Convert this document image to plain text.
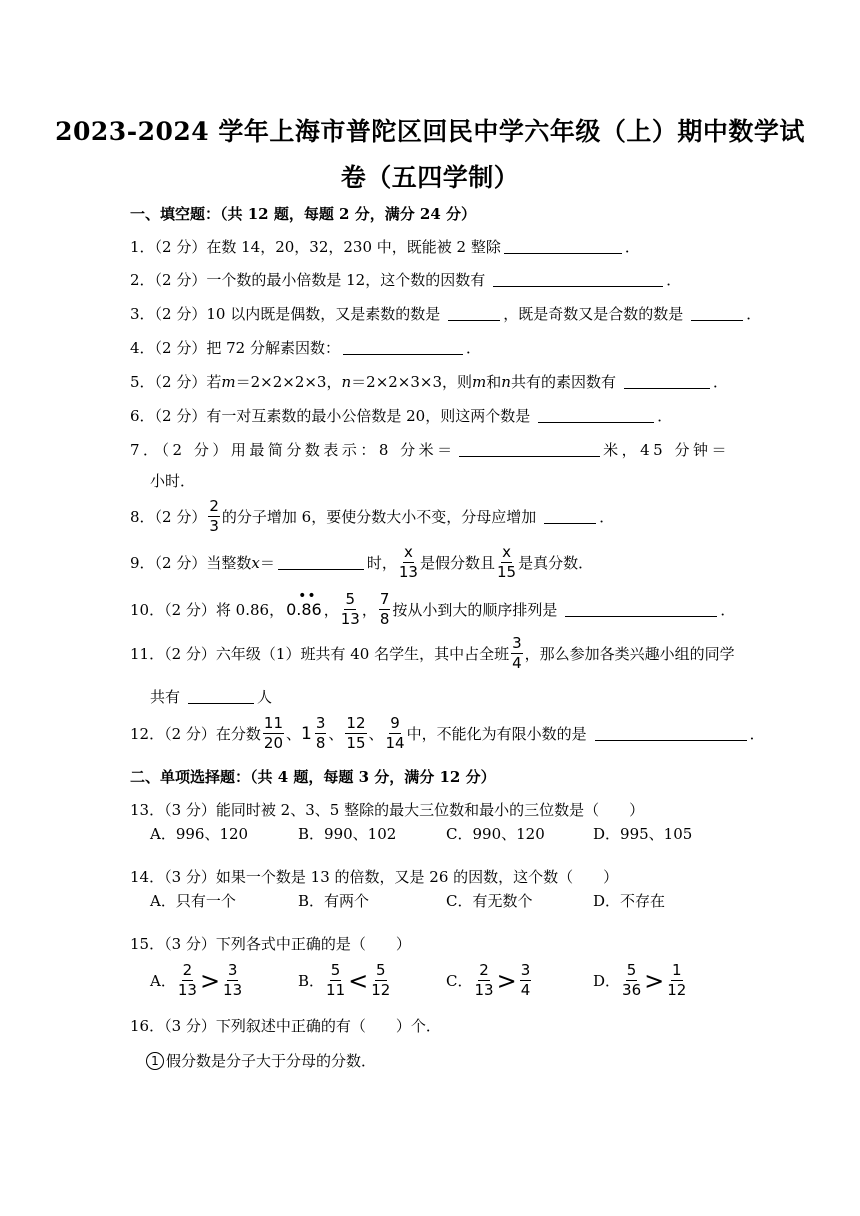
2023-2024 学年上海市普陀区回民中学六年级（上）期中数学试
卷（五四学制）
一、填空题：（共 12 题，每题 2 分，满分 24 分）
1．（2 分）在数 14，20，32，230 中，既能被 2 整除	．
2．（2 分）一个数的最小倍数是 12，这个数的因数有	．
3．（2 分）10 以内既是偶数，又是素数的数是	，既是奇数又是合数的数是	．
4．（2 分）把 72 分解素因数：	．
5．（2 分）若 m ＝2×2×2×3， n ＝2×2×3×3，则 m 和 n 共有的素因数有	．
6．（2 分）有一对互素数的最小公倍数是 20，则这两个数是	．
7．（2 分）用最简分数表示：8 分米＝	米，45 分钟＝
小时．
8．（2 分） $\frac{2}{3}$ 的分子增加 6，要使分数大小不变，分母应增加	．
9．（2 分）当整数 x ＝	时， $\frac{x}{13}$ 是假分数且 $\frac{x}{15}$ 是真分数．
10．（2 分）将 0.86，
••
0.86 ， $\frac{5}{13}$ ， $\frac{7}{8}$ 按从小到大的顺序排列是	．
11．（2 分）六年级（1）班共有 40 名学生，其中占全班 $\frac{3}{4}$ ，那么参加各类兴趣小组的同学
共有	人
12．（2 分）在分数 $\frac{11}{20}$ 、 $1 \frac{3}{8}$ 、 $\frac{12}{15}$ 、 $\frac{9}{14}$ 中，不能化为有限小数的是	．
二、单项选择题：（共 4 题，每题 3 分，满分 12 分）
13．（3 分）能同时被 2、3、5 整除的最大三位数和最小的三位数是（　　）
A．996、120	B．990、102	C．990、120	D．995、105
14．（3 分）如果一个数是 13 的倍数，又是 26 的因数，这个数（　　）
A．只有一个	B．有两个	C．有无数个	D．不存在
15．（3 分）下列各式中正确的是（　　）
A． $\frac{2}{13} > \frac{3}{13}$	B． $\frac{5}{11} < \frac{5}{12}$	C． $\frac{2}{13} > \frac{3}{4}$	D． $\frac{5}{36} > \frac{1}{12}$
16．（3 分）下列叙述中正确的有（　　）个．
1 假分数是分子大于分母的分数．
